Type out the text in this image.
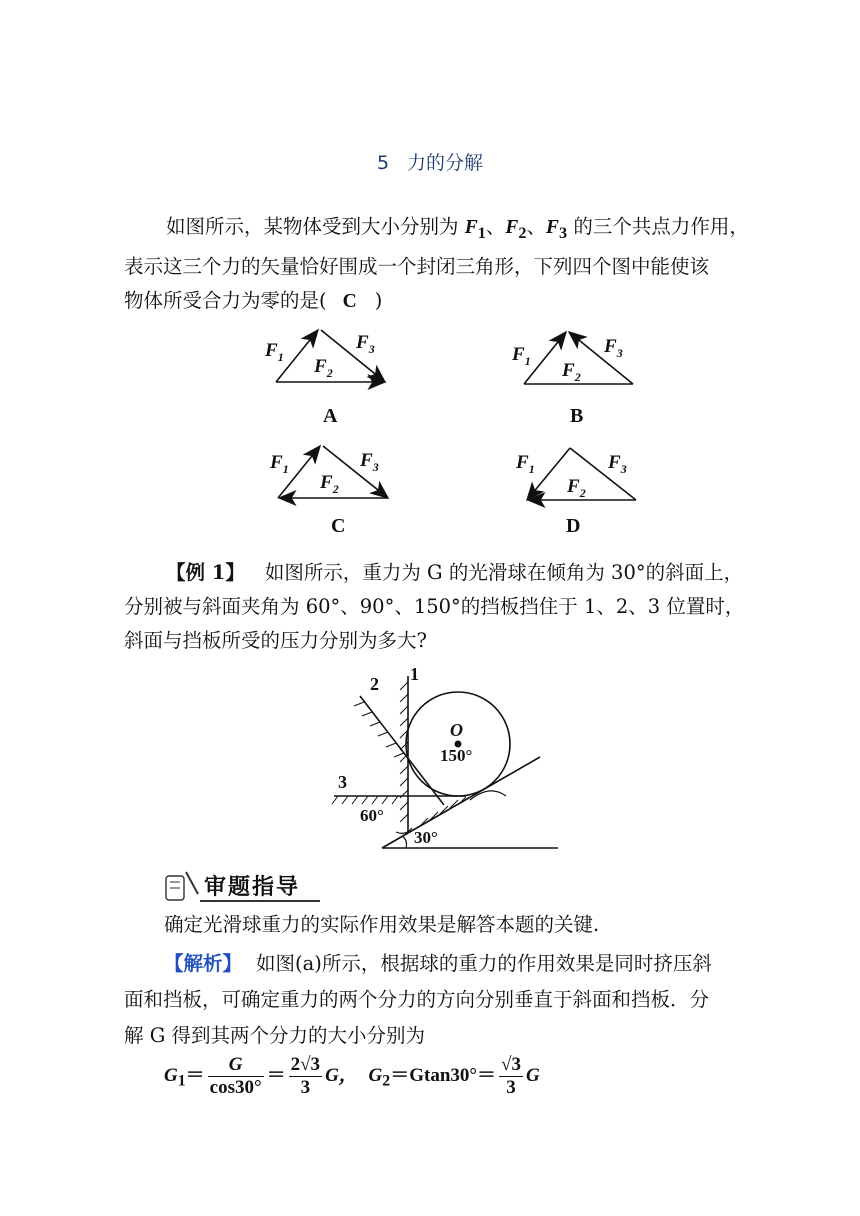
5 力的分解
如图所示，某物体受到大小分别为 $F_1$、$F_2$、$F_3$ 的三个共点力作用，
表示这三个力的矢量恰好围成一个封闭三角形，下列四个图中能使该
物体所受合力为零的是( C )
$F_1$
$F_3$
$F_2$
A
$F_1$
$F_3$
$F_2$
B
$F_1$	$F_3$
$F_2$
C
$F_1$	$F_3$
$F_2$
D
【例 1】 如图所示，重力为 G 的光滑球在倾角为 30°的斜面上，
分别被与斜面夹角为 60°、90°、150°的挡板挡住于 1、2、3 位置时，
斜面与挡板所受的压力分别为多大?
1
2
3
O
150°
60°
30°
审题指导
确定光滑球重力的实际作用效果是解答本题的关键.
【解析】 如图(a)所示，根据球的重力的作用效果是同时挤压斜
面和挡板，可确定重力的两个分力的方向分别垂直于斜面和挡板．分
解 G 得到其两个分力的大小分别为
$G_1= \frac{G}{\cos 30^\circ} = \frac{2√3}{3}$ G， $G_2=Gtan30^\circ= \frac{√3}{3}$ G
